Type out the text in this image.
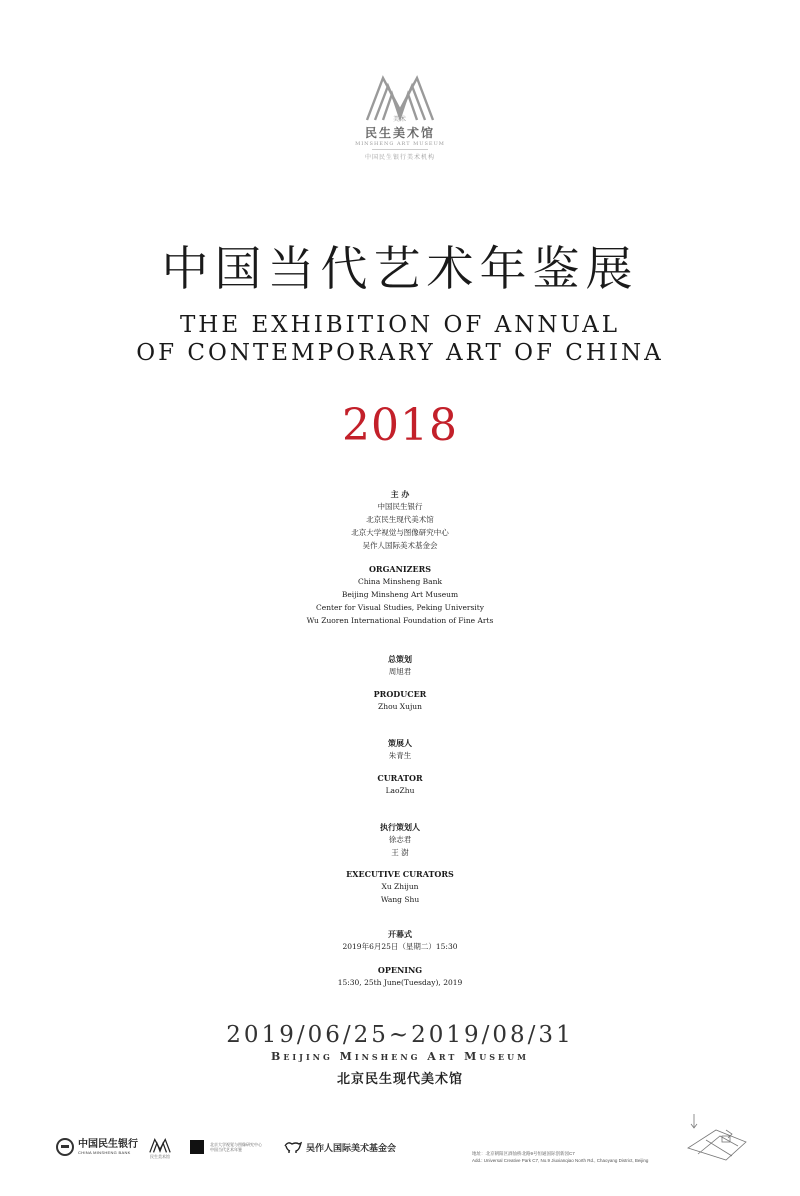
美术
民生美术馆
MINSHENG ART MUSEUM
中国民生银行美术机构
中国当代艺术年鉴展
THE EXHIBITION OF ANNUAL
OF CONTEMPORARY ART OF CHINA
2018
主 办
中国民生银行
北京民生现代美术馆
北京大学视觉与图像研究中心
吴作人国际美术基金会
ORGANIZERS
China Minsheng Bank
Beijing Minsheng Art Museum
Center for Visual Studies, Peking University
Wu Zuoren International Foundation of Fine Arts
总策划
周旭君
PRODUCER
Zhou Xujun
策展人
朱青生
CURATOR
LaoZhu
执行策划人
徐志君
王 澍
EXECUTIVE CURATORS
Xu Zhijun
Wang Shu
开幕式
2019年6月25日（星期二）15:30
OPENING
15:30, 25th June(Tuesday), 2019
2019/06/25~2019/08/31
Beijing Minsheng Art Museum
北京民生现代美术馆
中国民生银行
CHINA MINSHENG BANK
民生美术馆
北京大学视觉与图像研究中心
中国当代艺术年鉴	吴作人国际美术基金会	地址：北京朝阳区酒仙桥北路9号恒通国际创新园C7
Add.: Universal Creative Park C7, No.9 Jiuxianqiao North Rd., Chaoyang District, Beijing
